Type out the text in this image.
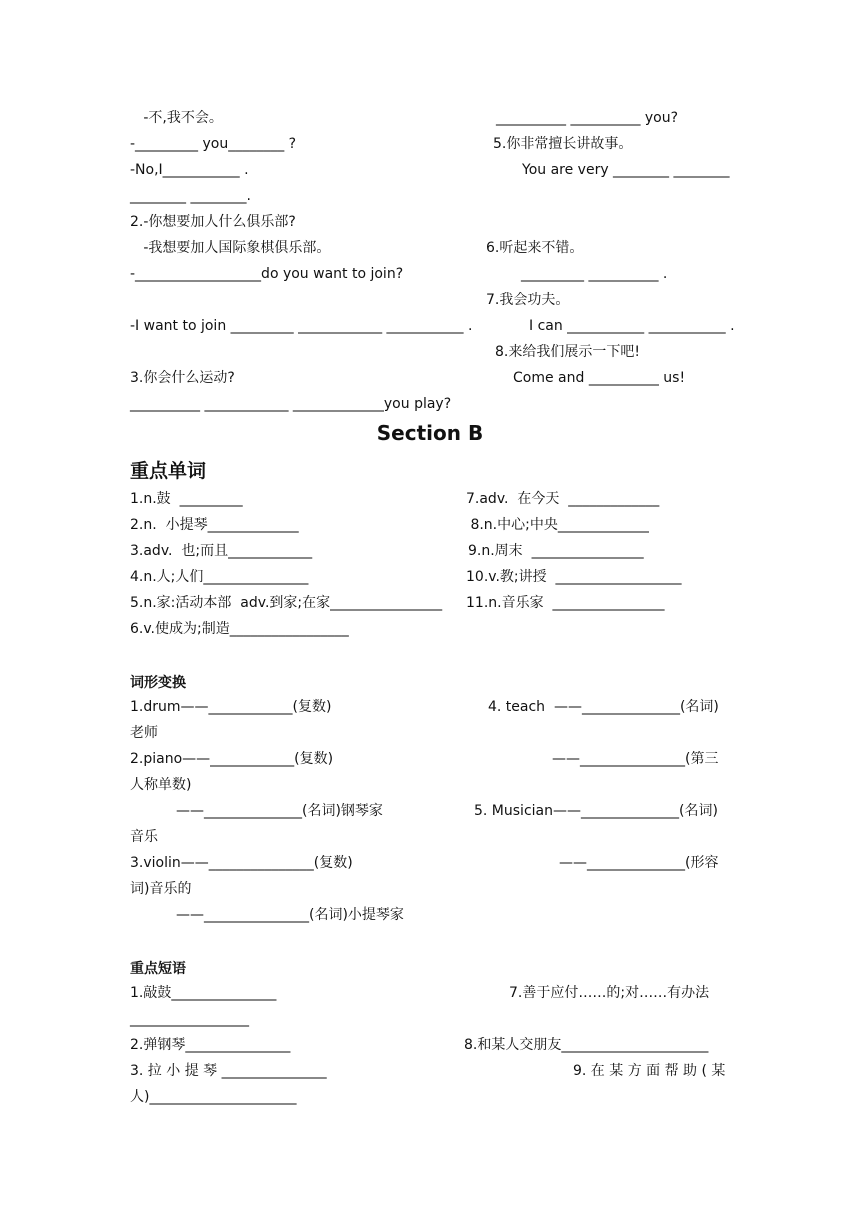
-不,我不会。	__________ __________ you?
-_________ you________ ?	5.你非常擅长讲故事。
-No,I___________ .	You are very ________ ________
________ ________.
2.-你想要加人什么俱乐部?
-我想要加人国际象棋俱乐部。	6.听起来不错。
-__________________do you want to join?	_________ __________ .
7.我会功夫。
-I want to join _________ ____________ ___________ .	I can ___________ ___________ .
8.来给我们展示一下吧!
3.你会什么运动?	Come and __________ us!
__________ ____________ _____________you play?
Section B
重点单词
1.n.鼓  _________
2.n.  小提琴_____________
3.adv.  也;而且____________
4.n.人;人们_______________
5.n.家:活动本部  adv.到家;在家________________
6.v.使成为;制造_________________
7.adv.  在今天  _____________
8.n.中心;中央_____________
9.n.周末  ________________
10.v.教;讲授  __________________
11.n.音乐家  ________________
词形变换
1.drum——____________(复数)	4. teach  ——______________(名词)
老师
2.piano——____________(复数)	——_______________(第三
人称单数)
——______________(名词)钢琴家	5. Musician——______________(名词)
音乐
3.violin——_______________(复数)	——______________(形容
词)音乐的
——_______________(名词)小提琴家
重点短语
1.敲鼓_______________	7.善于应付……的;对……有办法
_________________
2.弹钢琴_______________	8.和某人交朋友_____________________
3. 拉 小 提 琴 _______________	9. 在 某 方 面 帮 助 ( 某
人)_____________________
